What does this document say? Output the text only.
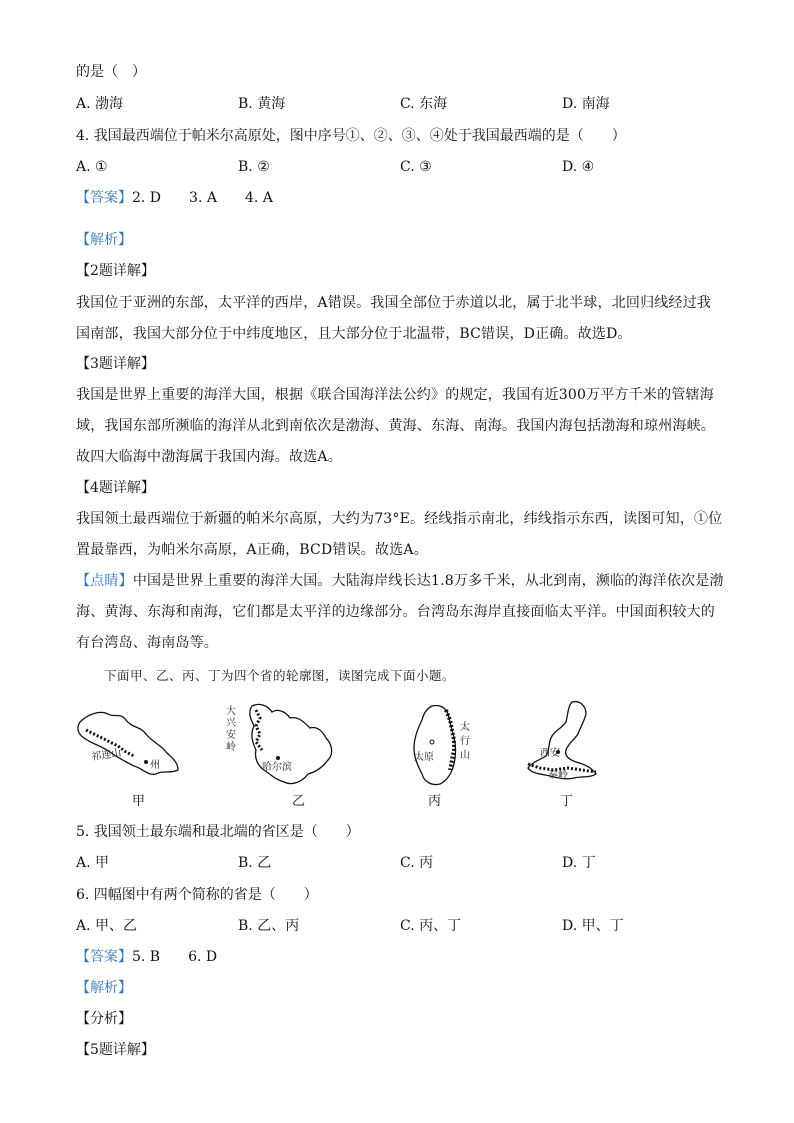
的是（　）
A. 渤海	B. 黄海	C. 东海	D. 南海
4. 我国最西端位于帕米尔高原处，图中序号①、②、③、④处于我国最西端的是（　　）
A. ①	B. ②	C. ③	D. ④
【答案】2. D　　3. A　　4. A
【解析】
【2题详解】
我国位于亚洲的东部，太平洋的西岸，A错误。我国全部位于赤道以北，属于北半球，北回归线经过我国南部，我国大部分位于中纬度地区，且大部分位于北温带，BC错误，D正确。故选D。
【3题详解】
我国是世界上重要的海洋大国，根据《联合国海洋法公约》的规定，我国有近300万平方千米的管辖海域，我国东部所濒临的海洋从北到南依次是渤海、黄海、东海、南海。我国内海包括渤海和琼州海峡。故四大临海中渤海属于我国内海。故选A。
【4题详解】
我国领土最西端位于新疆的帕米尔高原，大约为73°E。经线指示南北，纬线指示东西，读图可知，①位置最靠西，为帕米尔高原，A正确，BCD错误。故选A。
【点睛】中国是世界上重要的海洋大国。大陆海岸线长达1.8万多千米，从北到南，濒临的海洋依次是渤海、黄海、东海和南海，它们都是太平洋的边缘部分。台湾岛东海岸直接面临太平洋。中国面积较大的有台湾岛、海南岛等。
下面甲、乙、丙、丁为四个省的轮廓图，读图完成下面小题。
祁连山
州
甲
大
兴
安
岭
哈尔滨
乙
太原
太
行
山
丙
西安
秦岭
丁
5. 我国领土最东端和最北端的省区是（　　）
A. 甲	B. 乙	C. 丙	D. 丁
6. 四幅图中有两个简称的省是（　　）
A. 甲、乙	B. 乙、丙	C. 丙、丁	D. 甲、丁
【答案】5. B　　6. D
【解析】
【分析】
【5题详解】
